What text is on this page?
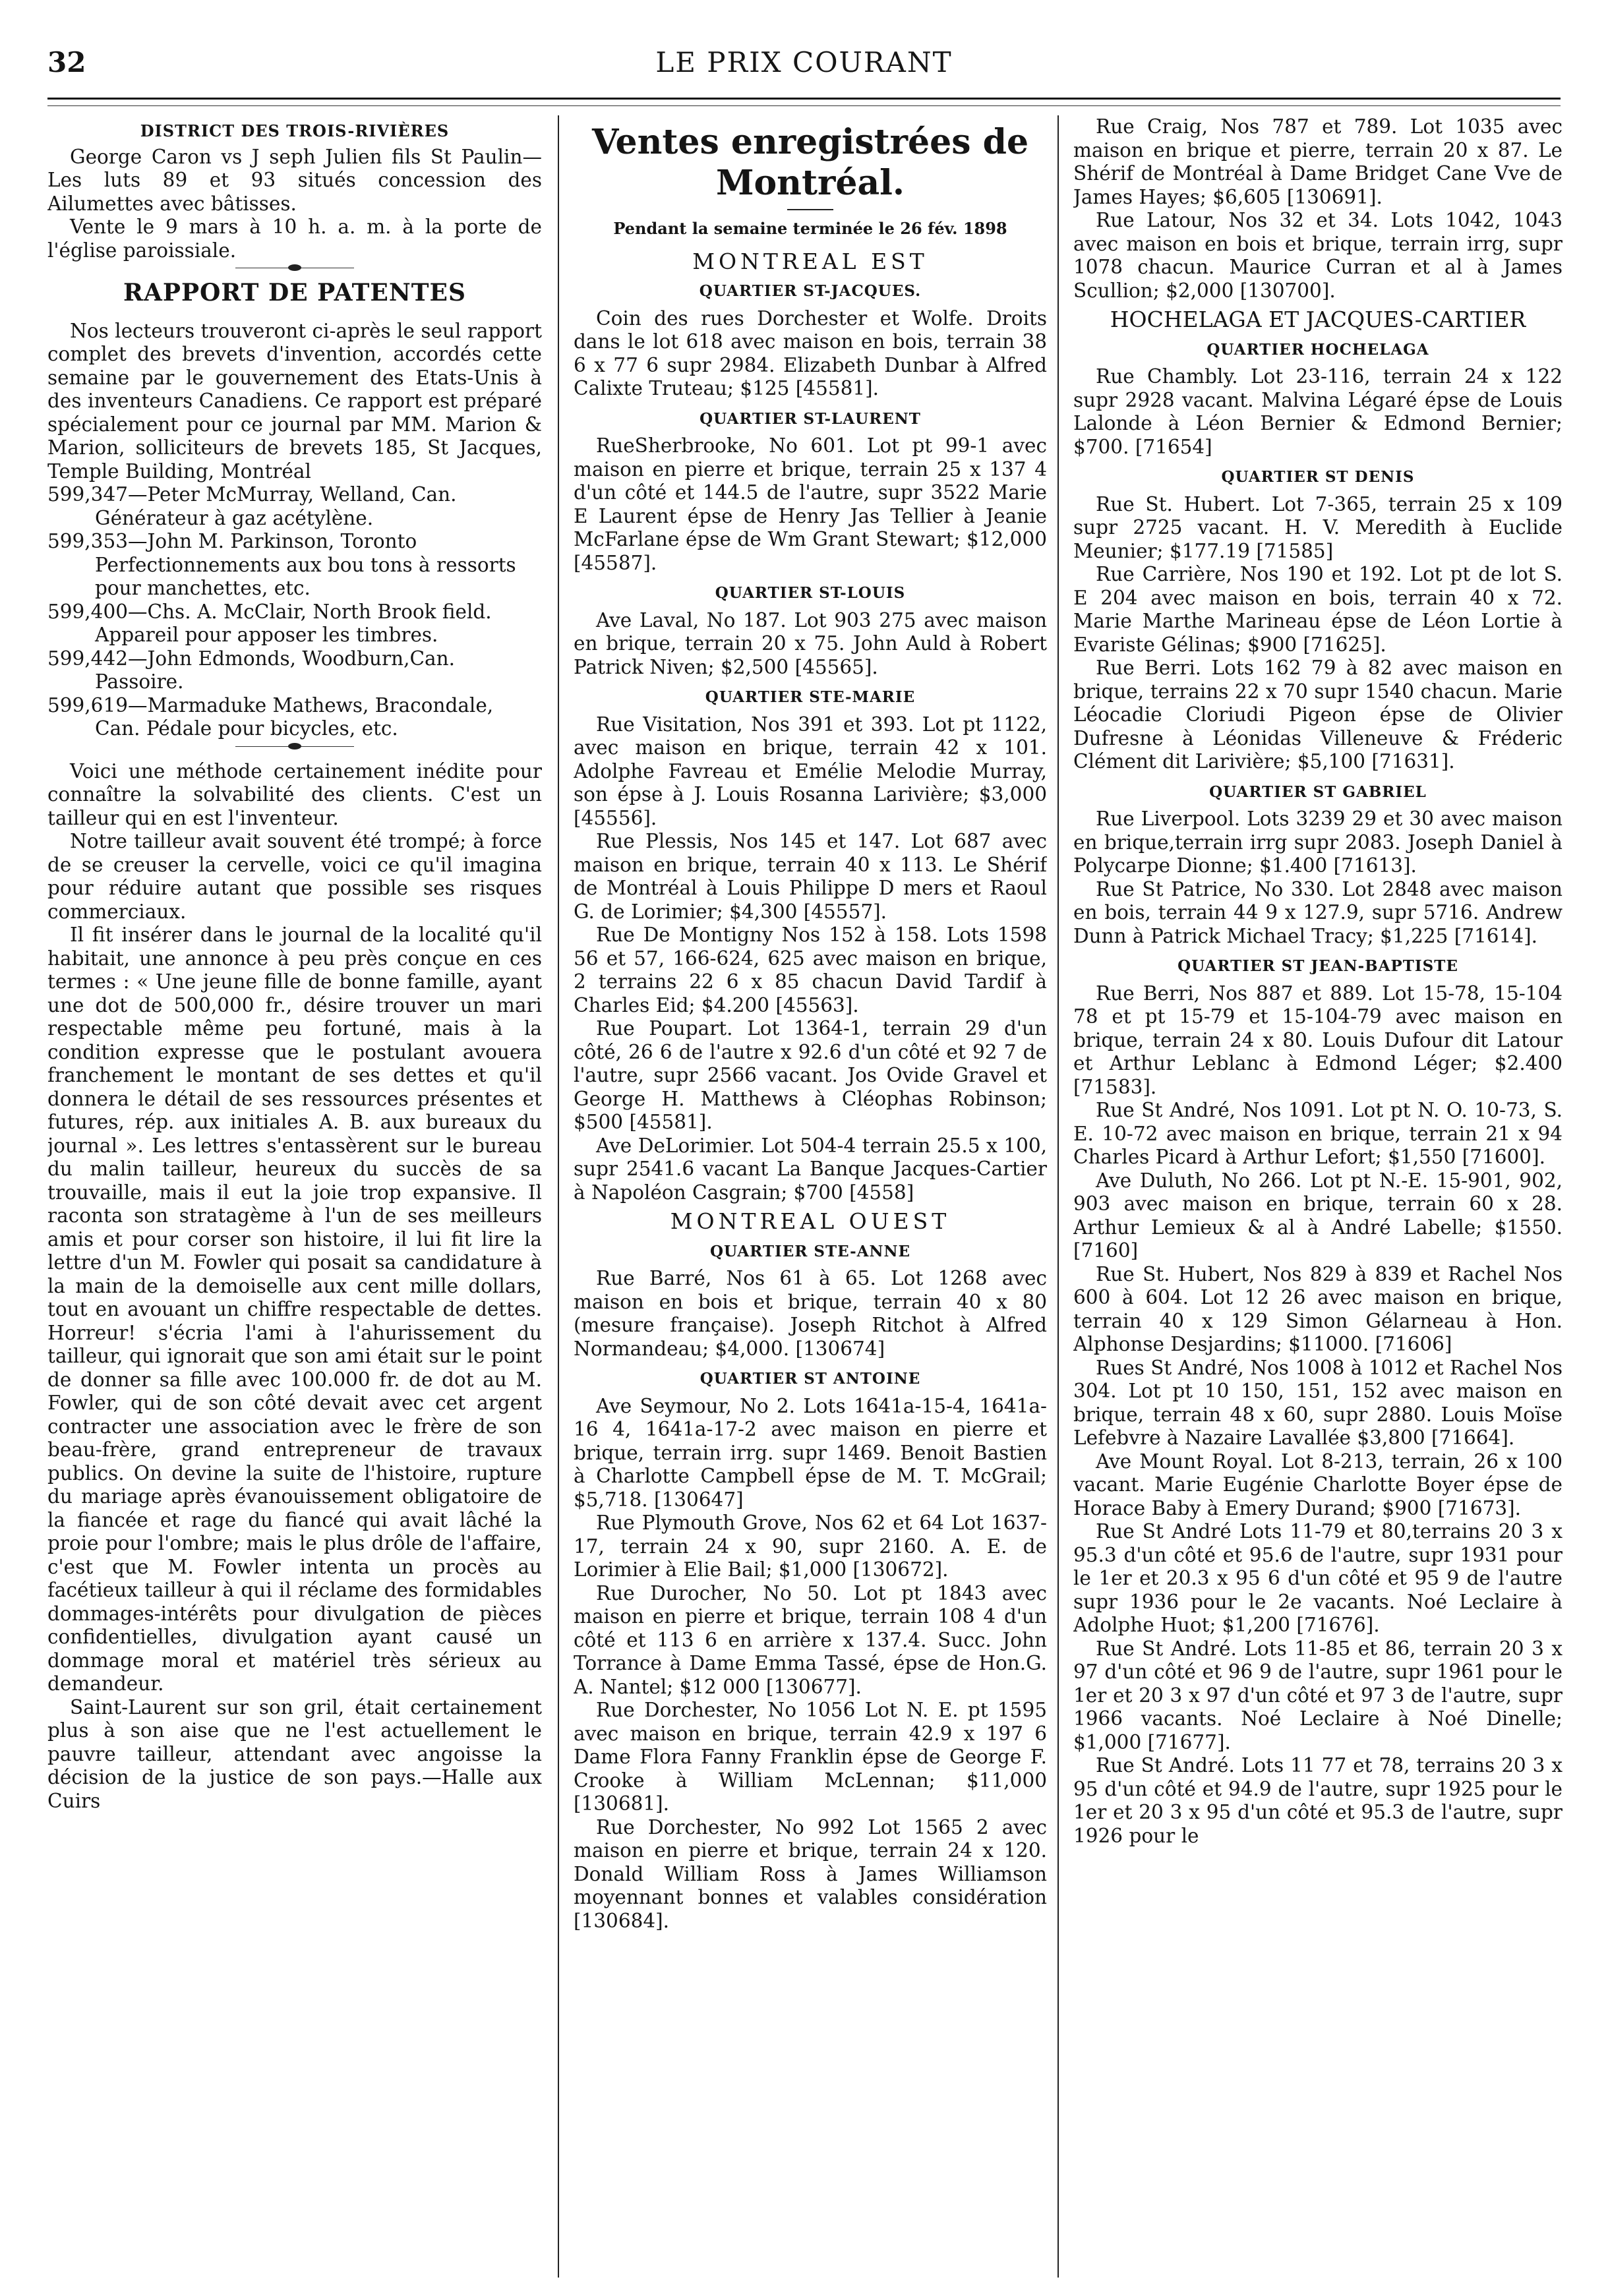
32	LE PRIX COURANT
DISTRICT DES TROIS-RIVIÈRES

George Caron vs J seph Julien fils St Paulin—Les luts 89 et 93 situés concession des Ailumettes avec bâtisses.

Vente le 9 mars à 10 h. a. m. à la porte de l'église paroissiale.

RAPPORT DE PATENTES

Nos lecteurs trouveront ci-après le seul rapport complet des brevets d'invention, accordés cette semaine par le gouvernement des Etats-Unis à des inventeurs Canadiens. Ce rapport est préparé spécialement pour ce journal par MM. Marion & Marion, solliciteurs de brevets 185, St Jacques, Temple Building, Montréal

599,347—Peter McMurray, Welland, Can. Générateur à gaz acétylène.

599,353—John M. Parkinson, Toronto Perfectionnements aux bou tons à ressorts pour manchettes, etc.

599,400—Chs. A. McClair, North Brook field. Appareil pour apposer les timbres.

599,442—John Edmonds, Woodburn,Can. Passoire.

599,619—Marmaduke Mathews, Bracondale, Can. Pédale pour bicycles, etc.

Voici une méthode certainement inédite pour connaître la solvabilité des clients. C'est un tailleur qui en est l'inventeur.

Notre tailleur avait souvent été trompé; à force de se creuser la cervelle, voici ce qu'il imagina pour réduire autant que possible ses risques commerciaux.

Il fit insérer dans le journal de la localité qu'il habitait, une annonce à peu près conçue en ces termes : « Une jeune fille de bonne famille, ayant une dot de 500,000 fr., désire trouver un mari respectable même peu fortuné, mais à la condition expresse que le postulant avouera franchement le montant de ses dettes et qu'il donnera le détail de ses ressources présentes et futures, rép. aux initiales A. B. aux bureaux du journal ». Les lettres s'entassèrent sur le bureau du malin tailleur, heureux du succès de sa trouvaille, mais il eut la joie trop expansive. Il raconta son stratagème à l'un de ses meilleurs amis et pour corser son histoire, il lui fit lire la lettre d'un M. Fowler qui posait sa candidature à la main de la demoiselle aux cent mille dollars, tout en avouant un chiffre respectable de dettes. Horreur! s'écria l'ami à l'ahurissement du tailleur, qui ignorait que son ami était sur le point de donner sa fille avec 100.000 fr. de dot au M. Fowler, qui de son côté devait avec cet argent contracter une association avec le frère de son beau-frère, grand entrepreneur de travaux publics. On devine la suite de l'histoire, rupture du mariage après évanouissement obligatoire de la fiancée et rage du fiancé qui avait lâché la proie pour l'ombre; mais le plus drôle de l'affaire, c'est que M. Fowler intenta un procès au facétieux tailleur à qui il réclame des formidables dommages-intérêts pour divulgation de pièces confidentielles, divulgation ayant causé un dommage moral et matériel très sérieux au demandeur.

Saint-Laurent sur son gril, était certainement plus à son aise que ne l'est actuellement le pauvre tailleur, attendant avec angoisse la décision de la justice de son pays.—Halle aux Cuirs

Ventes enregistrées de Montréal.
Pendant la semaine terminée le 26 fév. 1898
MONTREAL EST
QUARTIER ST-JACQUES.

Coin des rues Dorchester et Wolfe. Droits dans le lot 618 avec maison en bois, terrain 38 6 x 77 6 supr 2984. Elizabeth Dunbar à Alfred Calixte Truteau; $125 [45581].

QUARTIER ST-LAURENT

RueSherbrooke, No 601. Lot pt 99-1 avec maison en pierre et brique, terrain 25 x 137 4 d'un côté et 144.5 de l'autre, supr 3522 Marie E Laurent épse de Henry Jas Tellier à Jeanie McFarlane épse de Wm Grant Stewart; $12,000 [45587].

QUARTIER ST-LOUIS

Ave Laval, No 187. Lot 903 275 avec maison en brique, terrain 20 x 75. John Auld à Robert Patrick Niven; $2,500 [45565].

QUARTIER STE-MARIE

Rue Visitation, Nos 391 et 393. Lot pt 1122, avec maison en brique, terrain 42 x 101. Adolphe Favreau et Emélie Melodie Murray, son épse à J. Louis Rosanna Larivière; $3,000 [45556].

Rue Plessis, Nos 145 et 147. Lot 687 avec maison en brique, terrain 40 x 113. Le Shérif de Montréal à Louis Philippe D mers et Raoul G. de Lorimier; $4,300 [45557].

Rue De Montigny Nos 152 à 158. Lots 1598 56 et 57, 166-624, 625 avec maison en brique, 2 terrains 22 6 x 85 chacun David Tardif à Charles Eid; $4.200 [45563].

Rue Poupart. Lot 1364-1, terrain 29 d'un côté, 26 6 de l'autre x 92.6 d'un côté et 92 7 de l'autre, supr 2566 vacant. Jos Ovide Gravel et George H. Matthews à Cléophas Robinson; $500 [45581].

Ave DeLorimier. Lot 504-4 terrain 25.5 x 100, supr 2541.6 vacant La Banque Jacques-Cartier à Napoléon Casgrain; $700 [4558]

MONTREAL OUEST
QUARTIER STE-ANNE

Rue Barré, Nos 61 à 65. Lot 1268 avec maison en bois et brique, terrain 40 x 80 (mesure française). Joseph Ritchot à Alfred Normandeau; $4,000. [130674]

QUARTIER ST ANTOINE

Ave Seymour, No 2. Lots 1641a-15-4, 1641a-16 4, 1641a-17-2 avec maison en pierre et brique, terrain irrg. supr 1469. Benoit Bastien à Charlotte Campbell épse de M. T. McGrail; $5,718. [130647]

Rue Plymouth Grove, Nos 62 et 64 Lot 1637-17, terrain 24 x 90, supr 2160. A. E. de Lorimier à Elie Bail; $1,000 [130672].

Rue Durocher, No 50. Lot pt 1843 avec maison en pierre et brique, terrain 108 4 d'un côté et 113 6 en arrière x 137.4. Succ. John Torrance à Dame Emma Tassé, épse de Hon.G. A. Nantel; $12 000 [130677].

Rue Dorchester, No 1056 Lot N. E. pt 1595 avec maison en brique, terrain 42.9 x 197 6 Dame Flora Fanny Franklin épse de George F. Crooke à William McLennan; $11,000 [130681].

Rue Dorchester, No 992 Lot 1565 2 avec maison en pierre et brique, terrain 24 x 120. Donald William Ross à James Williamson moyennant bonnes et valables considération [130684].

Rue Craig, Nos 787 et 789. Lot 1035 avec maison en brique et pierre, terrain 20 x 87. Le Shérif de Montréal à Dame Bridget Cane Vve de James Hayes; $6,605 [130691].

Rue Latour, Nos 32 et 34. Lots 1042, 1043 avec maison en bois et brique, terrain irrg, supr 1078 chacun. Maurice Curran et al à James Scullion; $2,000 [130700].

HOCHELAGA ET JACQUES-CARTIER
QUARTIER HOCHELAGA

Rue Chambly. Lot 23-116, terrain 24 x 122 supr 2928 vacant. Malvina Légaré épse de Louis Lalonde à Léon Bernier & Edmond Bernier; $700. [71654]

QUARTIER ST DENIS

Rue St. Hubert. Lot 7-365, terrain 25 x 109 supr 2725 vacant. H. V. Meredith à Euclide Meunier; $177.19 [71585]

Rue Carrière, Nos 190 et 192. Lot pt de lot S. E 204 avec maison en bois, terrain 40 x 72. Marie Marthe Marineau épse de Léon Lortie à Evariste Gélinas; $900 [71625].

Rue Berri. Lots 162 79 à 82 avec maison en brique, terrains 22 x 70 supr 1540 chacun. Marie Léocadie Cloriudi Pigeon épse de Olivier Dufresne à Léonidas Villeneuve & Fréderic Clément dit Larivière; $5,100 [71631].

QUARTIER ST GABRIEL

Rue Liverpool. Lots 3239 29 et 30 avec maison en brique,terrain irrg supr 2083. Joseph Daniel à Polycarpe Dionne; $1.400 [71613].

Rue St Patrice, No 330. Lot 2848 avec maison en bois, terrain 44 9 x 127.9, supr 5716. Andrew Dunn à Patrick Michael Tracy; $1,225 [71614].

QUARTIER ST JEAN-BAPTISTE

Rue Berri, Nos 887 et 889. Lot 15-78, 15-104 78 et pt 15-79 et 15-104-79 avec maison en brique, terrain 24 x 80. Louis Dufour dit Latour et Arthur Leblanc à Edmond Léger; $2.400 [71583].

Rue St André, Nos 1091. Lot pt N. O. 10-73, S. E. 10-72 avec maison en brique, terrain 21 x 94 Charles Picard à Arthur Lefort; $1,550 [71600].

Ave Duluth, No 266. Lot pt N.-E. 15-901, 902, 903 avec maison en brique, terrain 60 x 28. Arthur Lemieux & al à André Labelle; $1550. [7160]

Rue St. Hubert, Nos 829 à 839 et Rachel Nos 600 à 604. Lot 12 26 avec maison en brique, terrain 40 x 129 Simon Gélarneau à Hon. Alphonse Desjardins; $11000. [71606]

Rues St André, Nos 1008 à 1012 et Rachel Nos 304. Lot pt 10 150, 151, 152 avec maison en brique, terrain 48 x 60, supr 2880. Louis Moïse Lefebvre à Nazaire Lavallée $3,800 [71664].

Ave Mount Royal. Lot 8-213, terrain, 26 x 100 vacant. Marie Eugénie Charlotte Boyer épse de Horace Baby à Emery Durand; $900 [71673].

Rue St André Lots 11-79 et 80,terrains 20 3 x 95.3 d'un côté et 95.6 de l'autre, supr 1931 pour le 1er et 20.3 x 95 6 d'un côté et 95 9 de l'autre supr 1936 pour le 2e vacants. Noé Leclaire à Adolphe Huot; $1,200 [71676].

Rue St André. Lots 11-85 et 86, terrain 20 3 x 97 d'un côté et 96 9 de l'autre, supr 1961 pour le 1er et 20 3 x 97 d'un côté et 97 3 de l'autre, supr 1966 vacants. Noé Leclaire à Noé Dinelle; $1,000 [71677].

Rue St André. Lots 11 77 et 78, terrains 20 3 x 95 d'un côté et 94.9 de l'autre, supr 1925 pour le 1er et 20 3 x 95 d'un côté et 95.3 de l'autre, supr 1926 pour le
